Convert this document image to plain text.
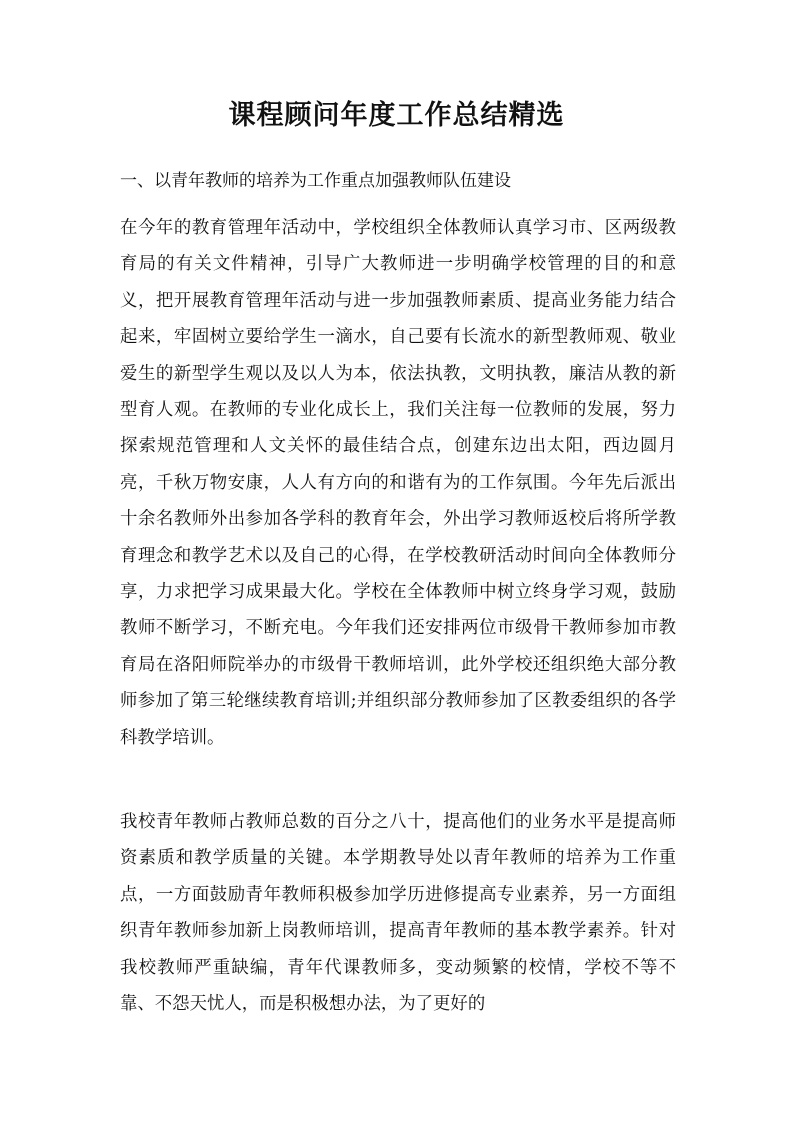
课程顾问年度工作总结精选
一、以青年教师的培养为工作重点加强教师队伍建设

在今年的教育管理年活动中，学校组织全体教师认真学习市、区两级教育局的有关文件精神，引导广大教师进一步明确学校管理的目的和意义，把开展教育管理年活动与进一步加强教师素质、提高业务能力结合起来，牢固树立要给学生一滴水，自己要有长流水的新型教师观、敬业爱生的新型学生观以及以人为本，依法执教，文明执教，廉洁从教的新型育人观。在教师的专业化成长上，我们关注每一位教师的发展，努力探索规范管理和人文关怀的最佳结合点，创建东边出太阳，西边圆月亮，千秋万物安康，人人有方向的和谐有为的工作氛围。今年先后派出十余名教师外出参加各学科的教育年会，外出学习教师返校后将所学教育理念和教学艺术以及自己的心得，在学校教研活动时间向全体教师分享，力求把学习成果最大化。学校在全体教师中树立终身学习观，鼓励教师不断学习，不断充电。今年我们还安排两位市级骨干教师参加市教育局在洛阳师院举办的市级骨干教师培训，此外学校还组织绝大部分教师参加了第三轮继续教育培训;并组织部分教师参加了区教委组织的各学科教学培训。

我校青年教师占教师总数的百分之八十，提高他们的业务水平是提高师资素质和教学质量的关键。本学期教导处以青年教师的培养为工作重点，一方面鼓励青年教师积极参加学历进修提高专业素养，另一方面组织青年教师参加新上岗教师培训，提高青年教师的基本教学素养。针对我校教师严重缺编，青年代课教师多，变动频繁的校情，学校不等不靠、不怨天忧人，而是积极想办法，为了更好的
